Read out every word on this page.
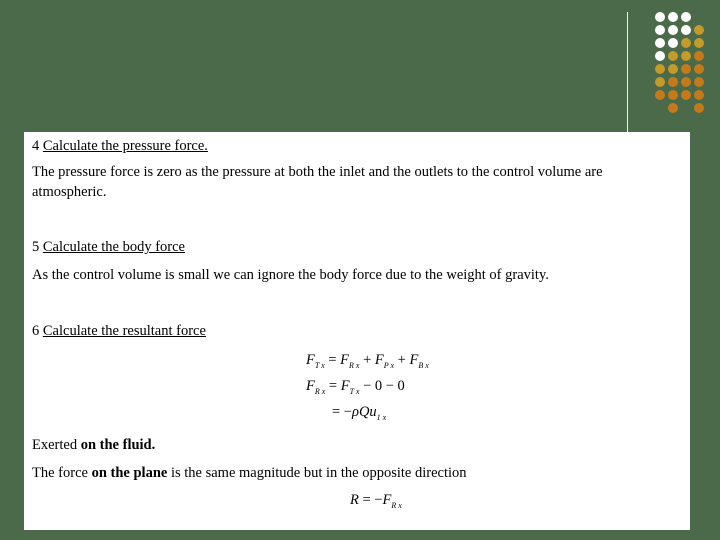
4 Calculate the pressure force.

The pressure force is zero as the pressure at both the inlet and the outlets to the control volume are atmospheric.

5 Calculate the body force

As the control volume is small we can ignore the body force due to the weight of gravity.

6 Calculate the resultant force

$F_{T x} = F_{R x} + F_{P x} + F_{B x}$
$F_{R x} = F_{T x} - 0 - 0$
= −ρQu$_{1 x}$

Exerted on the fluid.

The force on the plane is the same magnitude but in the opposite direction

$R = -F_{R x}$
